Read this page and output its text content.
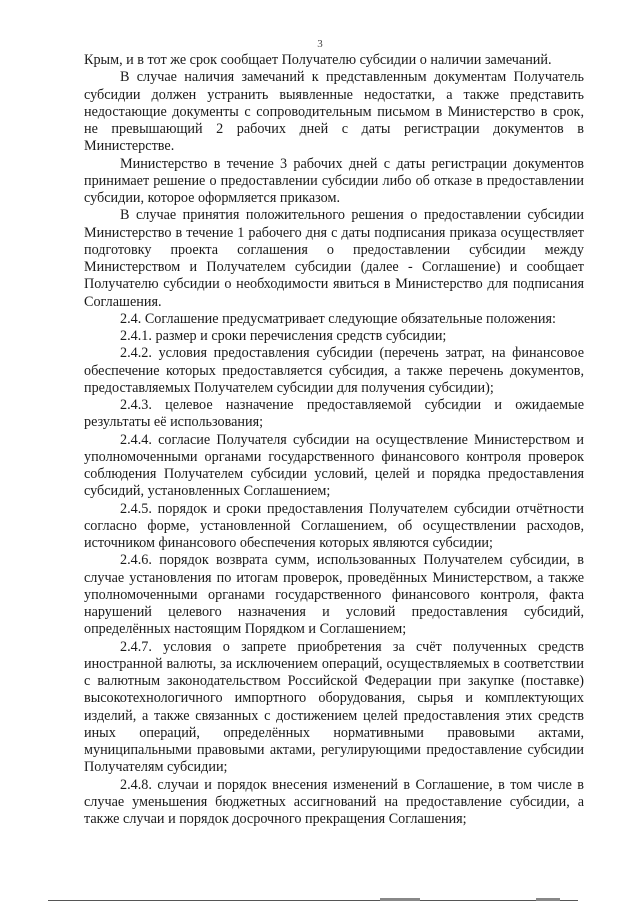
3

Крым, и в тот же срок сообщает Получателю субсидии о наличии замечаний.

В случае наличия замечаний к представленным документам Получатель субсидии должен устранить выявленные недостатки, а также представить недостающие документы с сопроводительным письмом в Министерство в срок, не превышающий 2 рабочих дней с даты регистрации документов в Министерстве.

Министерство в течение 3 рабочих дней с даты регистрации документов принимает решение о предоставлении субсидии либо об отказе в предоставлении субсидии, которое оформляется приказом.

В случае принятия положительного решения о предоставлении субсидии Министерство в течение 1 рабочего дня с даты подписания приказа осуществляет подготовку проекта соглашения о предоставлении субсидии между Министерством и Получателем субсидии (далее - Соглашение) и сообщает Получателю субсидии о необходимости явиться в Министерство для подписания Соглашения.

2.4. Соглашение предусматривает следующие обязательные положения:

2.4.1. размер и сроки перечисления средств субсидии;

2.4.2. условия предоставления субсидии (перечень затрат, на финансовое обеспечение которых предоставляется субсидия, а также перечень документов, предоставляемых Получателем субсидии для получения субсидии);

2.4.3. целевое назначение предоставляемой субсидии и ожидаемые результаты её использования;

2.4.4. согласие Получателя субсидии на осуществление Министерством и уполномоченными органами государственного финансового контроля проверок соблюдения Получателем субсидии условий, целей и порядка предоставления субсидий, установленных Соглашением;

2.4.5. порядок и сроки предоставления Получателем субсидии отчётности согласно форме, установленной Соглашением, об осуществлении расходов, источником финансового обеспечения которых являются субсидии;

2.4.6. порядок возврата сумм, использованных Получателем субсидии, в случае установления по итогам проверок, проведённых Министерством, а также уполномоченными органами государственного финансового контроля, факта нарушений целевого назначения и условий предоставления субсидий, определённых настоящим Порядком и Соглашением;

2.4.7. условия о запрете приобретения за счёт полученных средств иностранной валюты, за исключением операций, осуществляемых в соответствии с валютным законодательством Российской Федерации при закупке (поставке) высокотехнологичного импортного оборудования, сырья и комплектующих изделий, а также связанных с достижением целей предоставления этих средств иных операций, определённых нормативными правовыми актами, муниципальными правовыми актами, регулирующими предоставление субсидии Получателям субсидии;

2.4.8. случаи и порядок внесения изменений в Соглашение, в том числе в случае уменьшения бюджетных ассигнований на предоставление субсидии, а также случаи и порядок досрочного прекращения Соглашения;
